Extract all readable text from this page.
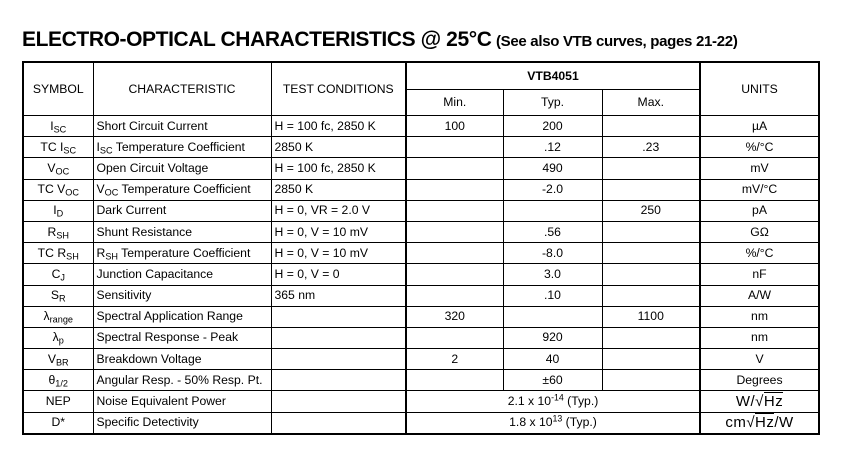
ELECTRO-OPTICAL CHARACTERISTICS @ 25°C (See also VTB curves, pages 21-22)
SYMBOL	CHARACTERISTIC	TEST CONDITIONS	VTB4051			UNITS
			Min.	Typ.	Max.	
$I_{SC}$	Short Circuit Current	H = 100 fc, 2850 K	100	200		µA
TC $I_{SC}$	$I_{SC}$ Temperature Coefficient	2850 K		.12	.23	%/°C
$V_{OC}$	Open Circuit Voltage	H = 100 fc, 2850 K		490		mV
TC $V_{OC}$	$V_{OC}$ Temperature Coefficient	2850 K		-2.0		mV/°C
$I_D$	Dark Current	H = 0, VR = 2.0 V			250	pA
$R_{SH}$	Shunt Resistance	H = 0, V = 10 mV		.56		GΩ
TC $R_{SH}$	$R_{SH}$ Temperature Coefficient	H = 0, V = 10 mV		-8.0		%/°C
$C_J$	Junction Capacitance	H = 0, V = 0		3.0		nF
$S_R$	Sensitivity	365 nm		.10		A/W
$\lambda_{range}$	Spectral Application Range		320		1100	nm
$\lambda_p$	Spectral Response - Peak			920		nm
$V_{BR}$	Breakdown Voltage		2	40		V
$\theta_{1/2}$	Angular Resp. - 50% Resp. Pt.			±60		Degrees
NEP	Noise Equivalent Power		2.1 x $10^{-14}$ (Typ.)			W/√Hz
D*	Specific Detectivity		1.8 x $10^{13}$ (Typ.)			cm√Hz/W
